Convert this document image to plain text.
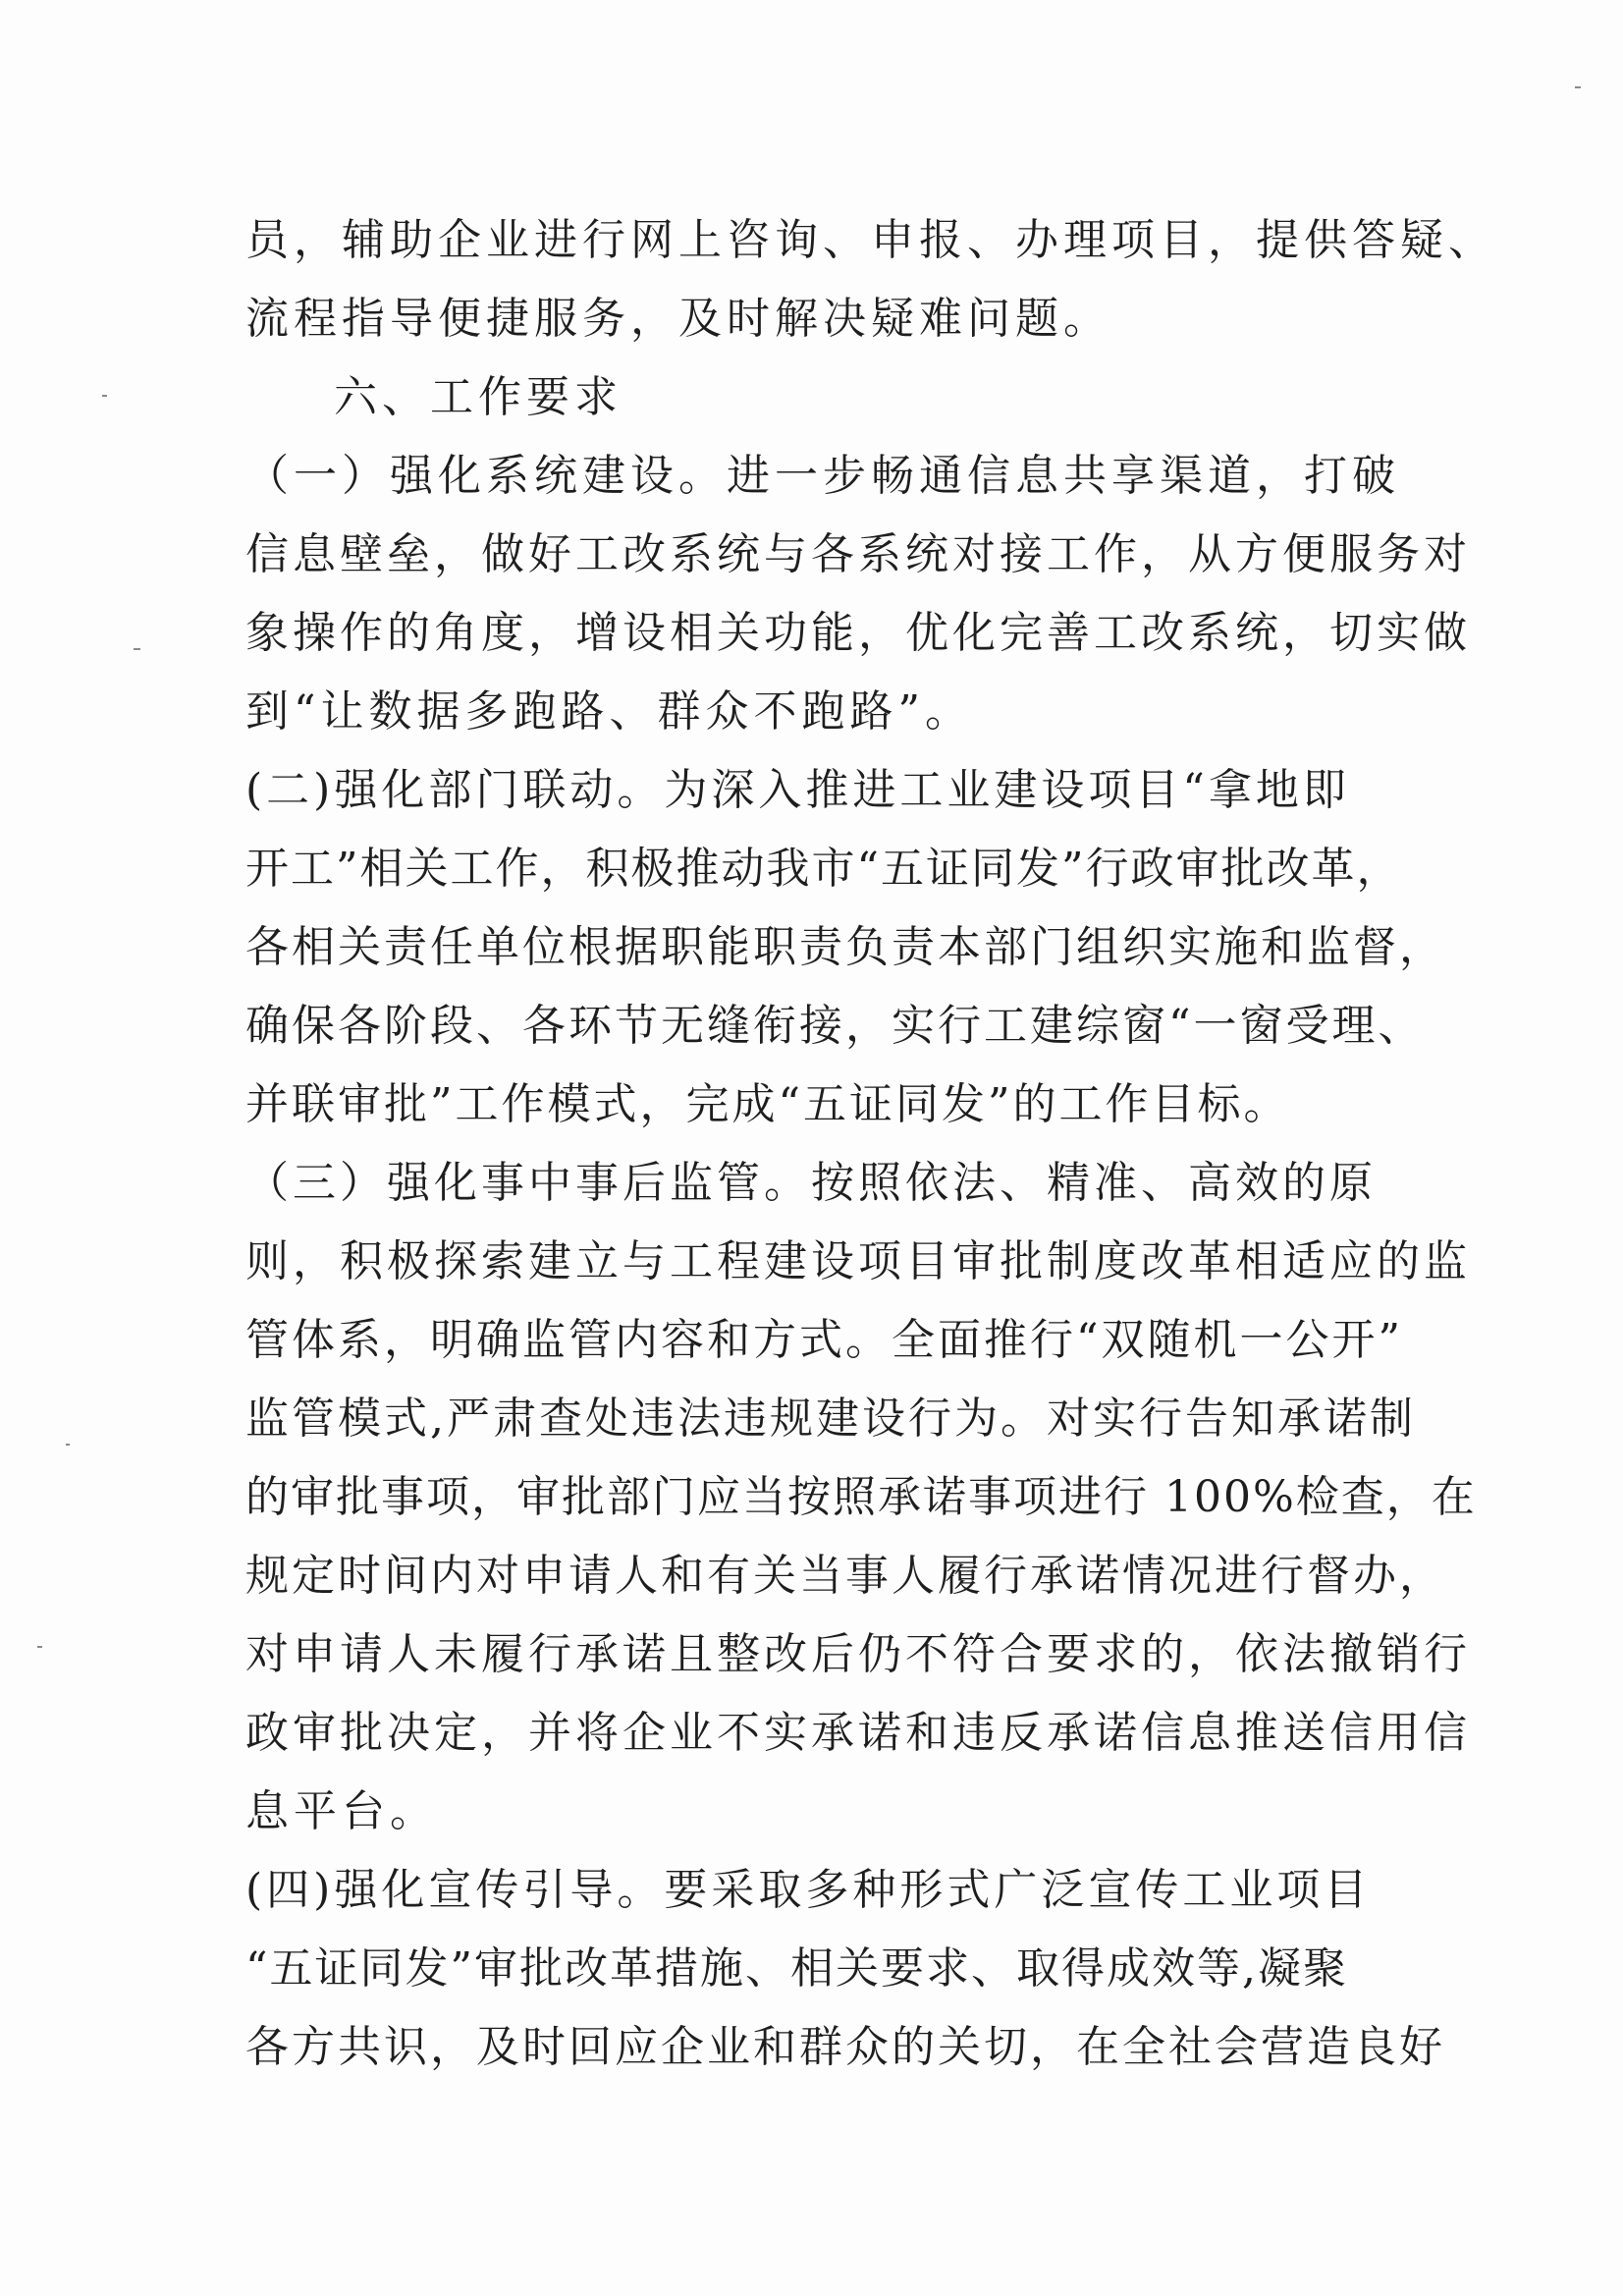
员，辅助企业进行网上咨询、申报、办理项目，提供答疑、
流程指导便捷服务，及时解决疑难问题。
六、工作要求
（一）强化系统建设。进一步畅通信息共享渠道，打破
信息壁垒，做好工改系统与各系统对接工作，从方便服务对
象操作的角度，增设相关功能，优化完善工改系统，切实做
到“让数据多跑路、群众不跑路”。
(二)强化部门联动。为深入推进工业建设项目“拿地即
开工”相关工作，积极推动我市“五证同发”行政审批改革，
各相关责任单位根据职能职责负责本部门组织实施和监督，
确保各阶段、各环节无缝衔接，实行工建综窗“一窗受理、
并联审批”工作模式，完成“五证同发”的工作目标。
（三）强化事中事后监管。按照依法、精准、高效的原
则，积极探索建立与工程建设项目审批制度改革相适应的监
管体系，明确监管内容和方式。全面推行“双随机一公开”
监管模式,严肃查处违法违规建设行为。对实行告知承诺制
的审批事项，审批部门应当按照承诺事项进行 100%检查，在
规定时间内对申请人和有关当事人履行承诺情况进行督办，
对申请人未履行承诺且整改后仍不符合要求的，依法撤销行
政审批决定，并将企业不实承诺和违反承诺信息推送信用信
息平台。
(四)强化宣传引导。要采取多种形式广泛宣传工业项目
“五证同发”审批改革措施、相关要求、取得成效等,凝聚
各方共识，及时回应企业和群众的关切，在全社会营造良好
